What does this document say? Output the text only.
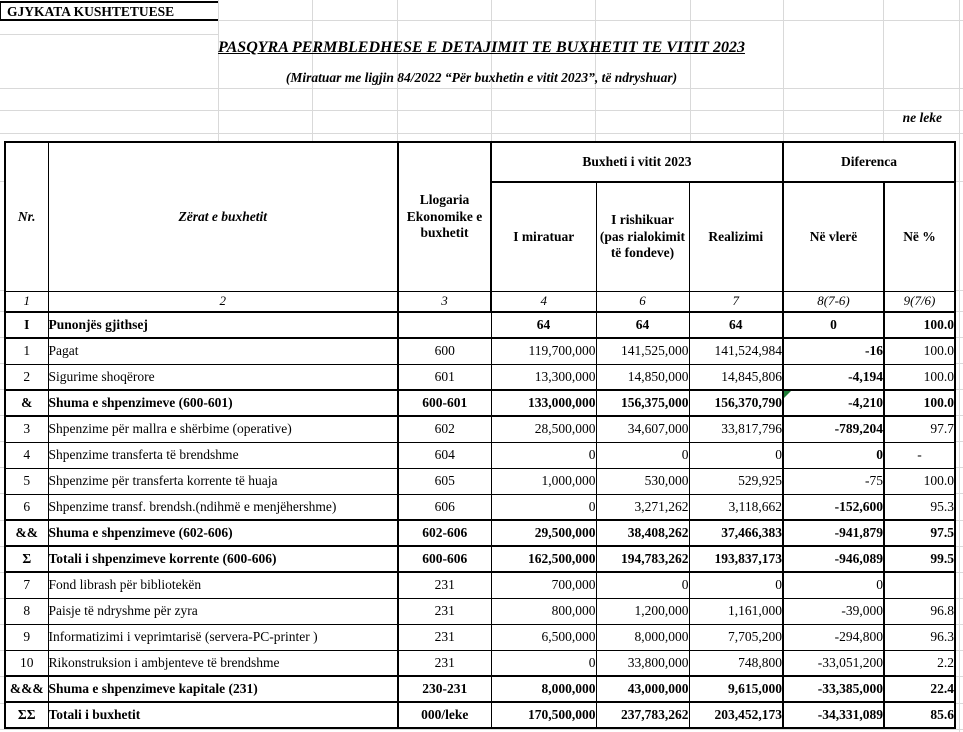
GJYKATA KUSHTETUESE
PASQYRA PERMBLEDHESE E DETAJIMIT TE BUXHETIT TE VITIT 2023
(Miratuar me ligjin 84/2022 “Për buxhetin e vitit 2023”, të ndryshuar)
ne leke
Nr.	Zërat e buxhetit	Llogaria Ekonomike e buxhetit	Buxheti i vitit 2023			Diferenca	
			I miratuar	I rishikuar (pas rialokimit të fondeve)	Realizimi	Në vlerë	Në %
1	2	3	4	6	7	8(7-6)	9(7/6)
I	Punonjës gjithsej		64	64	64	0	100.0
1	Pagat	600	119,700,000	141,525,000	141,524,984	-16	100.0
2	Sigurime shoqërore	601	13,300,000	14,850,000	14,845,806	-4,194	100.0
&	Shuma e shpenzimeve (600-601)	600-601	133,000,000	156,375,000	156,370,790	-4,210	100.0
3	Shpenzime për mallra e shërbime (operative)	602	28,500,000	34,607,000	33,817,796	-789,204	97.7
4	Shpenzime transferta të brendshme	604	0	0	0	0	-
5	Shpenzime për transferta korrente të huaja	605	1,000,000	530,000	529,925	-75	100.0
6	Shpenzime transf. brendsh.(ndihmë e menjëhershme)	606	0	3,271,262	3,118,662	-152,600	95.3
&&	Shuma e shpenzimeve (602-606)	602-606	29,500,000	38,408,262	37,466,383	-941,879	97.5
Σ	Totali i shpenzimeve korrente (600-606)	600-606	162,500,000	194,783,262	193,837,173	-946,089	99.5
7	Fond librash për bibliotekën	231	700,000	0	0	0	
8	Paisje të ndryshme për zyra	231	800,000	1,200,000	1,161,000	-39,000	96.8
9	Informatizimi i veprimtarisë (servera-PC-printer )	231	6,500,000	8,000,000	7,705,200	-294,800	96.3
10	Rikonstruksion i ambjenteve të brendshme	231	0	33,800,000	748,800	-33,051,200	2.2
&&&	Shuma e shpenzimeve kapitale (231)	230-231	8,000,000	43,000,000	9,615,000	-33,385,000	22.4
ΣΣ	Totali i buxhetit	000/leke	170,500,000	237,783,262	203,452,173	-34,331,089	85.6
